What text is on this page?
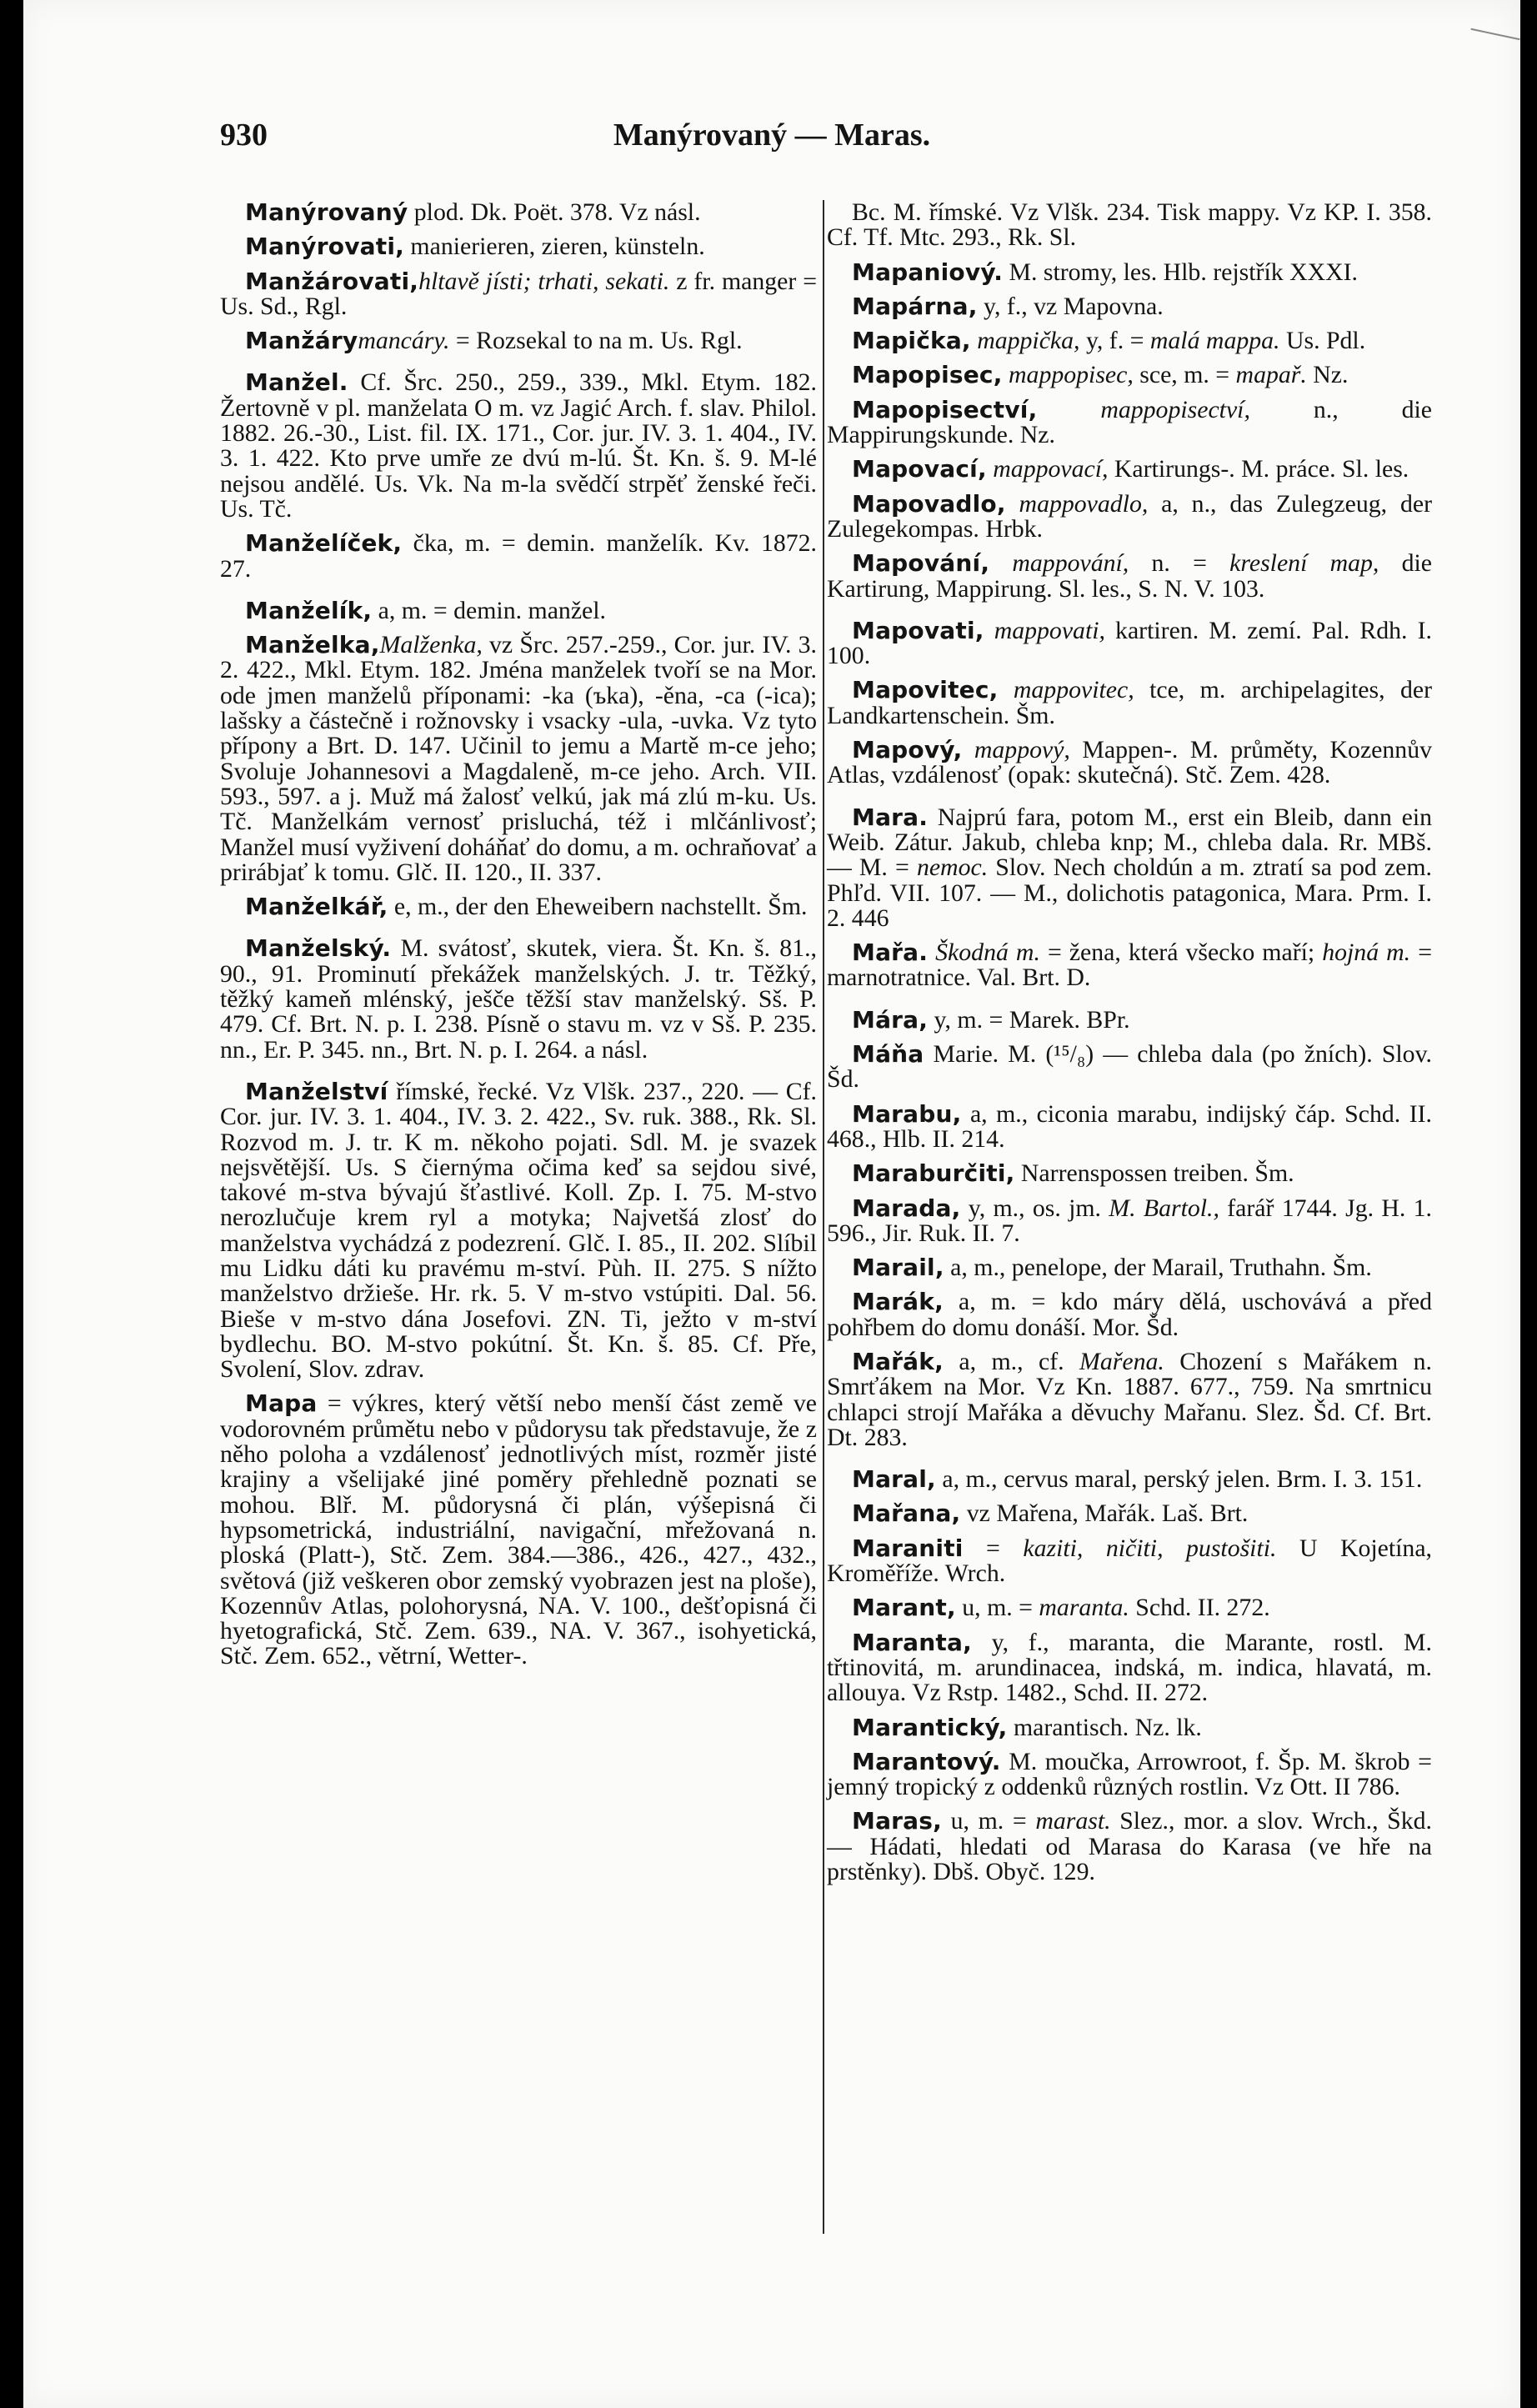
930	Manýrovaný — Maras.

Manýrovaný plod. Dk. Poët. 378. Vz násl.

Manýrovati, manierieren, zieren, künsteln.

Manžárovati,hltavě jísti; trhati, sekati. z fr. manger = Us. Sd., Rgl.

Manžárymancáry. = Rozsekal to na m. Us. Rgl.

Manžel. Cf. Šrc. 250., 259., 339., Mkl. Etym. 182. Žertovně v pl. manželata O m. vz Jagić Arch. f. slav. Philol. 1882. 26.-30., List. fil. IX. 171., Cor. jur. IV. 3. 1. 404., IV. 3. 1. 422. Kto prve umře ze dvú m-lú. Št. Kn. š. 9. M-lé nejsou andělé. Us. Vk. Na m-la svědčí strpěť ženské řeči. Us. Tč.

Manželíček, čka, m. = demin. manželík. Kv. 1872. 27.

Manželík, a, m. = demin. manžel.

Manželka,Malženka, vz Šrc. 257.-259., Cor. jur. IV. 3. 2. 422., Mkl. Etym. 182. Jména manželek tvoří se na Mor. ode jmen manželů příponami: -ka (ъka), -ěna, -ca (-ica); lašsky a částečně i rožnovsky i vsacky -ula, -uvka. Vz tyto přípony a Brt. D. 147. Učinil to jemu a Martě m-ce jeho; Svoluje Johannesovi a Magdaleně, m-ce jeho. Arch. VII. 593., 597. a j. Muž má žalosť velkú, jak má zlú m-ku. Us. Tč. Manželkám vernosť prisluchá, též i mlčánlivosť; Manžel musí vyživení doháňať do domu, a m. ochraňovať a prirábjať k tomu. Glč. II. 120., II. 337.

Manželkář, e, m., der den Eheweibern nachstellt. Šm.

Manželský. M. svátosť, skutek, viera. Št. Kn. š. 81., 90., 91. Prominutí překážek manželských. J. tr. Těžký, těžký kameň mlénský, ješče těžší stav manželský. Sš. P. 479. Cf. Brt. N. p. I. 238. Písně o stavu m. vz v Sš. P. 235. nn., Er. P. 345. nn., Brt. N. p. I. 264. a násl.

Manželství římské, řecké. Vz Vlšk. 237., 220. — Cf. Cor. jur. IV. 3. 1. 404., IV. 3. 2. 422., Sv. ruk. 388., Rk. Sl. Rozvod m. J. tr. K m. někoho pojati. Sdl. M. je svazek nejsvětější. Us. S čiernýma očima keď sa sejdou sivé, takové m-stva bývajú šťastlivé. Koll. Zp. I. 75. M-stvo nerozlučuje krem ryl a motyka; Najvetšá zlosť do manželstva vychádzá z podezrení. Glč. I. 85., II. 202. Slíbil mu Lidku dáti ku pravému m-ství. Pùh. II. 275. S nížto manželstvo držieše. Hr. rk. 5. V m-stvo vstúpiti. Dal. 56. Bieše v m-stvo dána Josefovi. ZN. Ti, ježto v m-ství bydlechu. BO. M-stvo pokútní. Št. Kn. š. 85. Cf. Pře, Svolení, Slov. zdrav.

Mapa = výkres, který větší nebo menší část země ve vodorovném průmětu nebo v půdorysu tak představuje, že z něho poloha a vzdálenosť jednotlivých míst, rozměr jisté krajiny a všelijaké jiné poměry přehledně poznati se mohou. Blř. M. půdorysná či plán, výšepisná či hypsometrická, industriální, navigační, mřežovaná n. ploská (Platt-), Stč. Zem. 384.—386., 426., 427., 432., světová (již veškeren obor zemský vyobrazen jest na ploše), Kozennův Atlas, polohorysná, NA. V. 100., dešťopisná či hyetografická, Stč. Zem. 639., NA. V. 367., isohyetická, Stč. Zem. 652., větrní, Wetter-.

Bc. M. římské. Vz Vlšk. 234. Tisk mappy. Vz KP. I. 358. Cf. Tf. Mtc. 293., Rk. Sl.

Mapaniový. M. stromy, les. Hlb. rejstřík XXXI.

Mapárna, y, f., vz Mapovna.

Mapička, mappička, y, f. = malá mappa. Us. Pdl.

Mapopisec, mappopisec, sce, m. = mapař. Nz.

Mapopisectví, mappopisectví, n., die Mappirungskunde. Nz.

Mapovací, mappovací, Kartirungs-. M. práce. Sl. les.

Mapovadlo, mappovadlo, a, n., das Zulegzeug, der Zulegekompas. Hrbk.

Mapování, mappování, n. = kreslení map, die Kartirung, Mappirung. Sl. les., S. N. V. 103.

Mapovati, mappovati, kartiren. M. zemí. Pal. Rdh. I. 100.

Mapovitec, mappovitec, tce, m. archipelagites, der Landkartenschein. Šm.

Mapový, mappový, Mappen-. M. průměty, Kozennův Atlas, vzdálenosť (opak: skutečná). Stč. Zem. 428.

Mara. Najprú fara, potom M., erst ein Bleib, dann ein Weib. Zátur. Jakub, chleba knp; M., chleba dala. Rr. MBš. — M. = nemoc. Slov. Nech choldún a m. ztratí sa pod zem. Phľd. VII. 107. — M., dolichotis patagonica, Mara. Prm. I. 2. 446

Mařa. Škodná m. = žena, která všecko maří; hojná m. = marnotratnice. Val. Brt. D.

Mára, y, m. = Marek. BPr.

Máňa Marie. M. (¹⁵/₈) — chleba dala (po žních). Slov. Šd.

Marabu, a, m., ciconia marabu, indijský čáp. Schd. II. 468., Hlb. II. 214.

Maraburčiti, Narrenspossen treiben. Šm.

Marada, y, m., os. jm. M. Bartol., farář 1744. Jg. H. 1. 596., Jir. Ruk. II. 7.

Marail, a, m., penelope, der Marail, Truthahn. Šm.

Marák, a, m. = kdo máry dělá, uschovává a před pohřbem do domu donáší. Mor. Šd.

Mařák, a, m., cf. Mařena. Chození s Mařákem n. Smrťákem na Mor. Vz Kn. 1887. 677., 759. Na smrtnicu chlapci strojí Mařáka a děvuchy Mařanu. Slez. Šd. Cf. Brt. Dt. 283.

Maral, a, m., cervus maral, perský jelen. Brm. I. 3. 151.

Mařana, vz Mařena, Mařák. Laš. Brt.

Maraniti = kaziti, ničiti, pustošiti. U Kojetína, Kroměříže. Wrch.

Marant, u, m. = maranta. Schd. II. 272.

Maranta, y, f., maranta, die Marante, rostl. M. třtinovitá, m. arundinacea, indská, m. indica, hlavatá, m. allouya. Vz Rstp. 1482., Schd. II. 272.

Marantický, marantisch. Nz. lk.

Marantový. M. moučka, Arrowroot, f. Šp. M. škrob = jemný tropický z oddenků různých rostlin. Vz Ott. II 786.

Maras, u, m. = marast. Slez., mor. a slov. Wrch., Škd. — Hádati, hledati od Marasa do Karasa (ve hře na prstěnky). Dbš. Obyč. 129.
